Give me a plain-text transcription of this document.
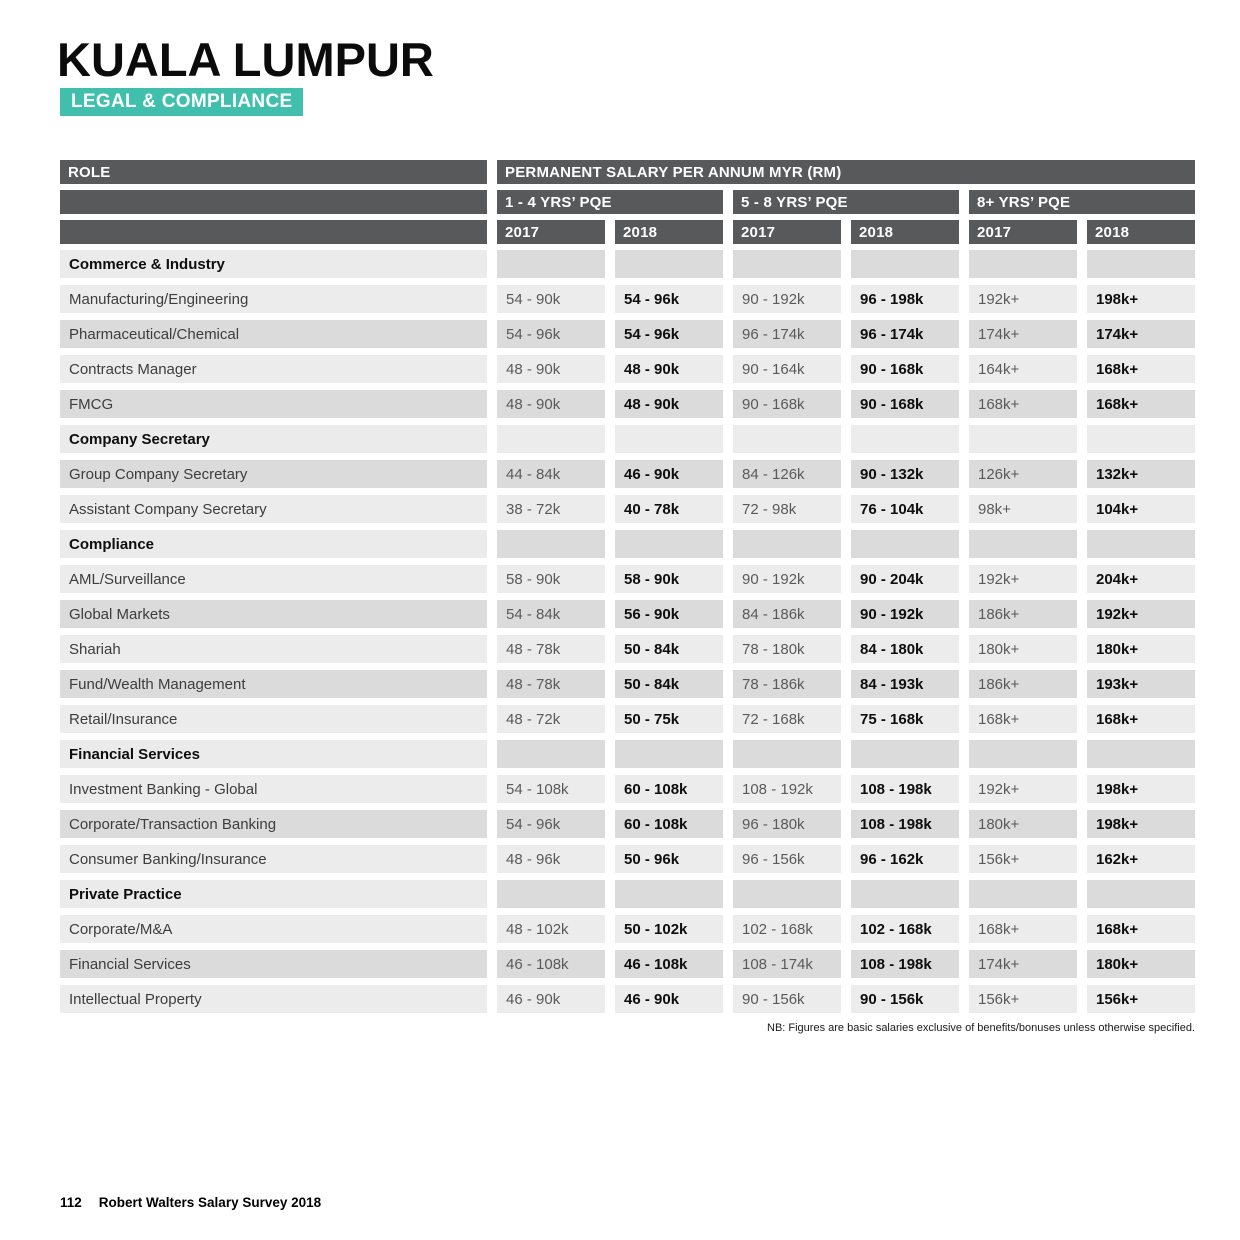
KUALA LUMPUR
LEGAL & COMPLIANCE
ROLE	PERMANENT SALARY PER ANNUM MYR (RM)
1 - 4 YRS’ PQE	5 - 8 YRS’ PQE	8+ YRS’ PQE
2017	2018	2017	2018	2017	2018
Commerce & Industry
Manufacturing/Engineering	54 - 90k	54 - 96k	90 - 192k	96 - 198k	192k+	198k+
Pharmaceutical/Chemical	54 - 96k	54 - 96k	96 - 174k	96 - 174k	174k+	174k+
Contracts Manager	48 - 90k	48 - 90k	90 - 164k	90 - 168k	164k+	168k+
FMCG	48 - 90k	48 - 90k	90 - 168k	90 - 168k	168k+	168k+
Company Secretary
Group Company Secretary	44 - 84k	46 - 90k	84 - 126k	90 - 132k	126k+	132k+
Assistant Company Secretary	38 - 72k	40 - 78k	72 - 98k	76 - 104k	98k+	104k+
Compliance
AML/Surveillance	58 - 90k	58 - 90k	90 - 192k	90 - 204k	192k+	204k+
Global Markets	54 - 84k	56 - 90k	84 - 186k	90 - 192k	186k+	192k+
Shariah	48 - 78k	50 - 84k	78 - 180k	84 - 180k	180k+	180k+
Fund/Wealth Management	48 - 78k	50 - 84k	78 - 186k	84 - 193k	186k+	193k+
Retail/Insurance	48 - 72k	50 - 75k	72 - 168k	75 - 168k	168k+	168k+
Financial Services
Investment Banking - Global	54 - 108k	60 - 108k	108 - 192k	108 - 198k	192k+	198k+
Corporate/Transaction Banking	54 - 96k	60 - 108k	96 - 180k	108 - 198k	180k+	198k+
Consumer Banking/Insurance	48 - 96k	50 - 96k	96 - 156k	96 - 162k	156k+	162k+
Private Practice
Corporate/M&A	48 - 102k	50 - 102k	102 - 168k	102 - 168k	168k+	168k+
Financial Services	46 - 108k	46 - 108k	108 - 174k	108 - 198k	174k+	180k+
Intellectual Property	46 - 90k	46 - 90k	90 - 156k	90 - 156k	156k+	156k+
NB: Figures are basic salaries exclusive of benefits/bonuses unless otherwise specified.
112 Robert Walters Salary Survey 2018
